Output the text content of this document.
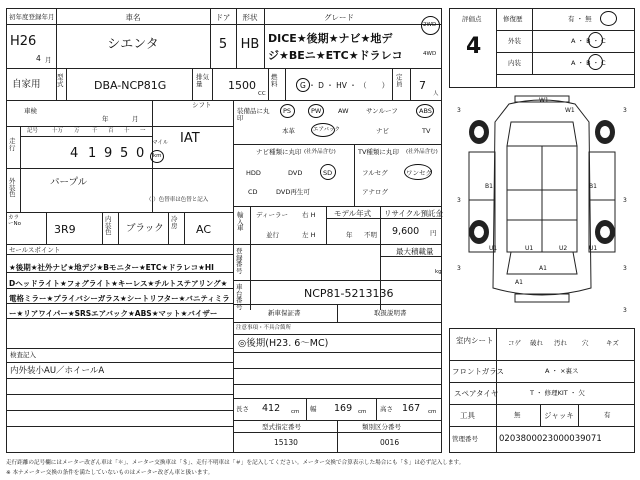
初年度登録年月
H26
4 月
車名
シエンタ
ドア
5
形状
HB
グレード
DICE★後期★ナビ★地デ
ジ★BEニ★ETC★ドラレコ
2WD
4WD
自家用
型式	DBA-NCP81G
排気量	1500
CC
燃料	G ・ D ・ HV ・ （　　）
定員	7
人
車検
年	月
シフト
IAT
走行
記号	十万 万 千 百 十 一
4 1 9 5 0
マイル
km
外装色
パープル
（ ）色替車は色替と記入
カラーNo	3R9
内装色	ブラック
冷房	AC
セールスポイント
★後期★社外ナビ★地デジ★Bモニター★ETC★ドラレコ★HI
Dヘッドライト★フォグライト★キーレス★チルトステアリング★
電格ミラー★プライバシーガラス★シートリフター★バニティミラ
ー★リアワイパー★SRSエアバック★ABS★マット★バイザー
検査記入
内外装小AU／ホイールA
装備品に丸印
PS	PW	AW	サンルーフ	ABS
本革	エアバック	ナビ	TV
ナビ種類に丸印 (社外品含む)
HDD	DVD	SD
CD	DVD再生可
TV種類に丸印 (社外品含む)
フルセグ	ワンセグ
アナログ
輸入車
ディーラー
並行
右 H
左 H
モデル年式
年 不明
リサイクル預託金
9,600 円
登録番号
最大積載量
kg
車台番号
NCP81-5213136
新車保証書	取扱説明書
注意事項・不具合箇所
◎後期(H23. 6〜MC)
長さ 412 cm 幅 169 cm 高さ 167 cm
型式指定番号
15130
類別区分番号
0016
評価点
4
修復歴	有 ・ 無
外装	A ・ B ・ C
内装	A ・ B ・ C
W1
W1
B1	B1
U1	U2
U1	U1
A1
A1
3	3
3	3
3	3
3
室内シート コゲ 破れ 汚れ 穴	キズ
フロントガラス	A ・ ×裏ス
スペアタイヤ	T ・ 修理KIT ・ 欠
工具	無	ジャッキ	有
管理番号 0203800023000039071
走行距離の記号欄にはメーター改ざん車は「＊」、メーター交換車は「＄」、走行不明車は「＃」を記入してください。メーター交換で合算表示した場合にも「＄」は必ず記入します。
※ 本ナメーター交換の条件を満たしていないものはメーター改ざん車と扱います。
